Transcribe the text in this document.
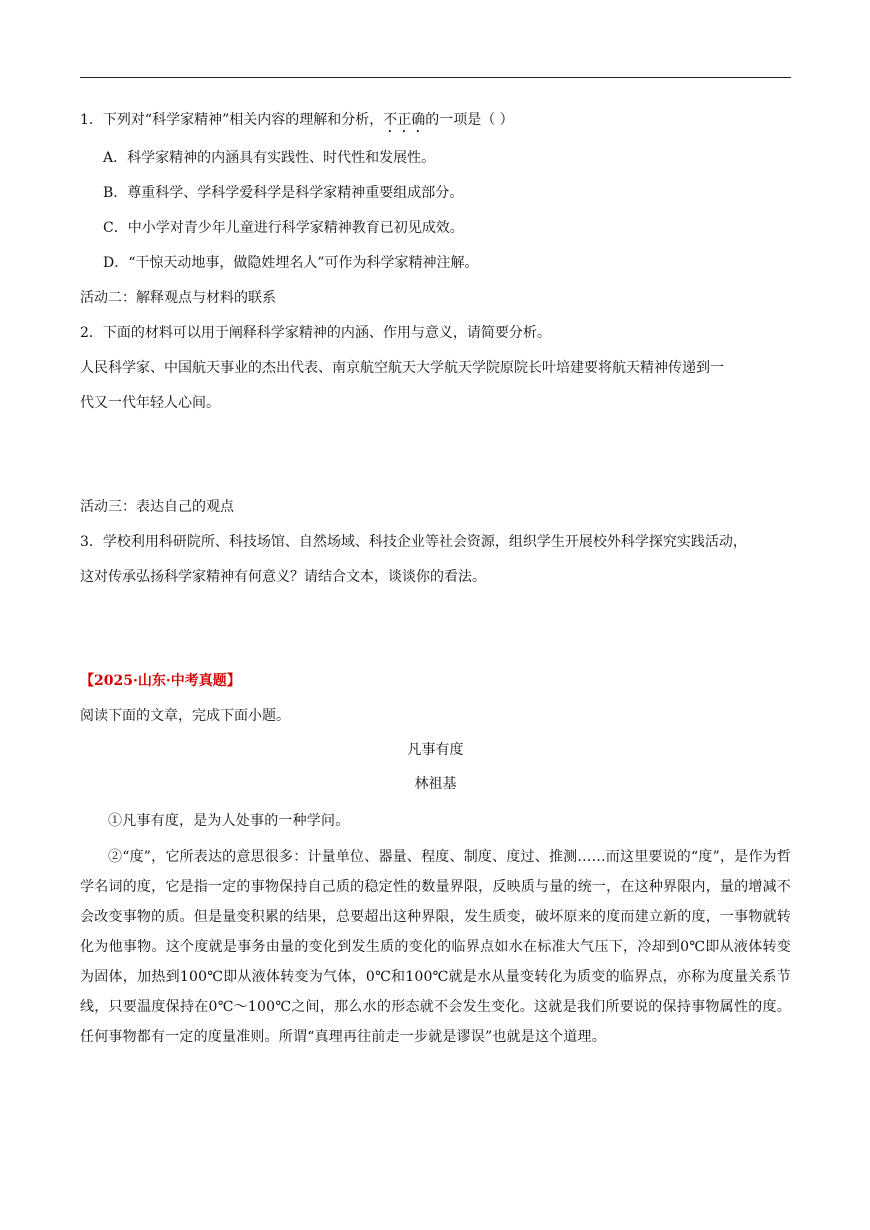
1．下列对“科学家精神”相关内容的理解和分析，不正确的一项是（ ）
A．科学家精神的内涵具有实践性、时代性和发展性。
B．尊重科学、学科学爱科学是科学家精神重要组成部分。
C．中小学对青少年儿童进行科学家精神教育已初见成效。
D．“干惊天动地事，做隐姓埋名人”可作为科学家精神注解。
活动二：解释观点与材料的联系
2．下面的材料可以用于阐释科学家精神的内涵、作用与意义，请简要分析。
人民科学家、中国航天事业的杰出代表、南京航空航天大学航天学院原院长叶培建要将航天精神传递到一
代又一代年轻人心间。
活动三：表达自己的观点
3．学校利用科研院所、科技场馆、自然场域、科技企业等社会资源，组织学生开展校外科学探究实践活动，
这对传承弘扬科学家精神有何意义？请结合文本，谈谈你的看法。
【2025·山东·中考真题】
阅读下面的文章，完成下面小题。
凡事有度
林祖基
①凡事有度，是为人处事的一种学问。
②“度”，它所表达的意思很多：计量单位、器量、程度、制度、度过、推测……而这里要说的“度”，是作为哲学名词的度，它是指一定的事物保持自己质的稳定性的数量界限，反映质与量的统一，在这种界限内，量的增减不会改变事物的质。但是量变积累的结果，总要超出这种界限，发生质变，破坏原来的度而建立新的度，一事物就转化为他事物。这个度就是事务由量的变化到发生质的变化的临界点如水在标准大气压下，冷却到0℃即从液体转变为固体，加热到100℃即从液体转变为气体，0℃和100℃就是水从量变转化为质变的临界点，亦称为度量关系节线，只要温度保持在0℃～100℃之间，那么水的形态就不会发生变化。这就是我们所要说的保持事物属性的度。任何事物都有一定的度量准则。所谓“真理再往前走一步就是谬误”也就是这个道理。
